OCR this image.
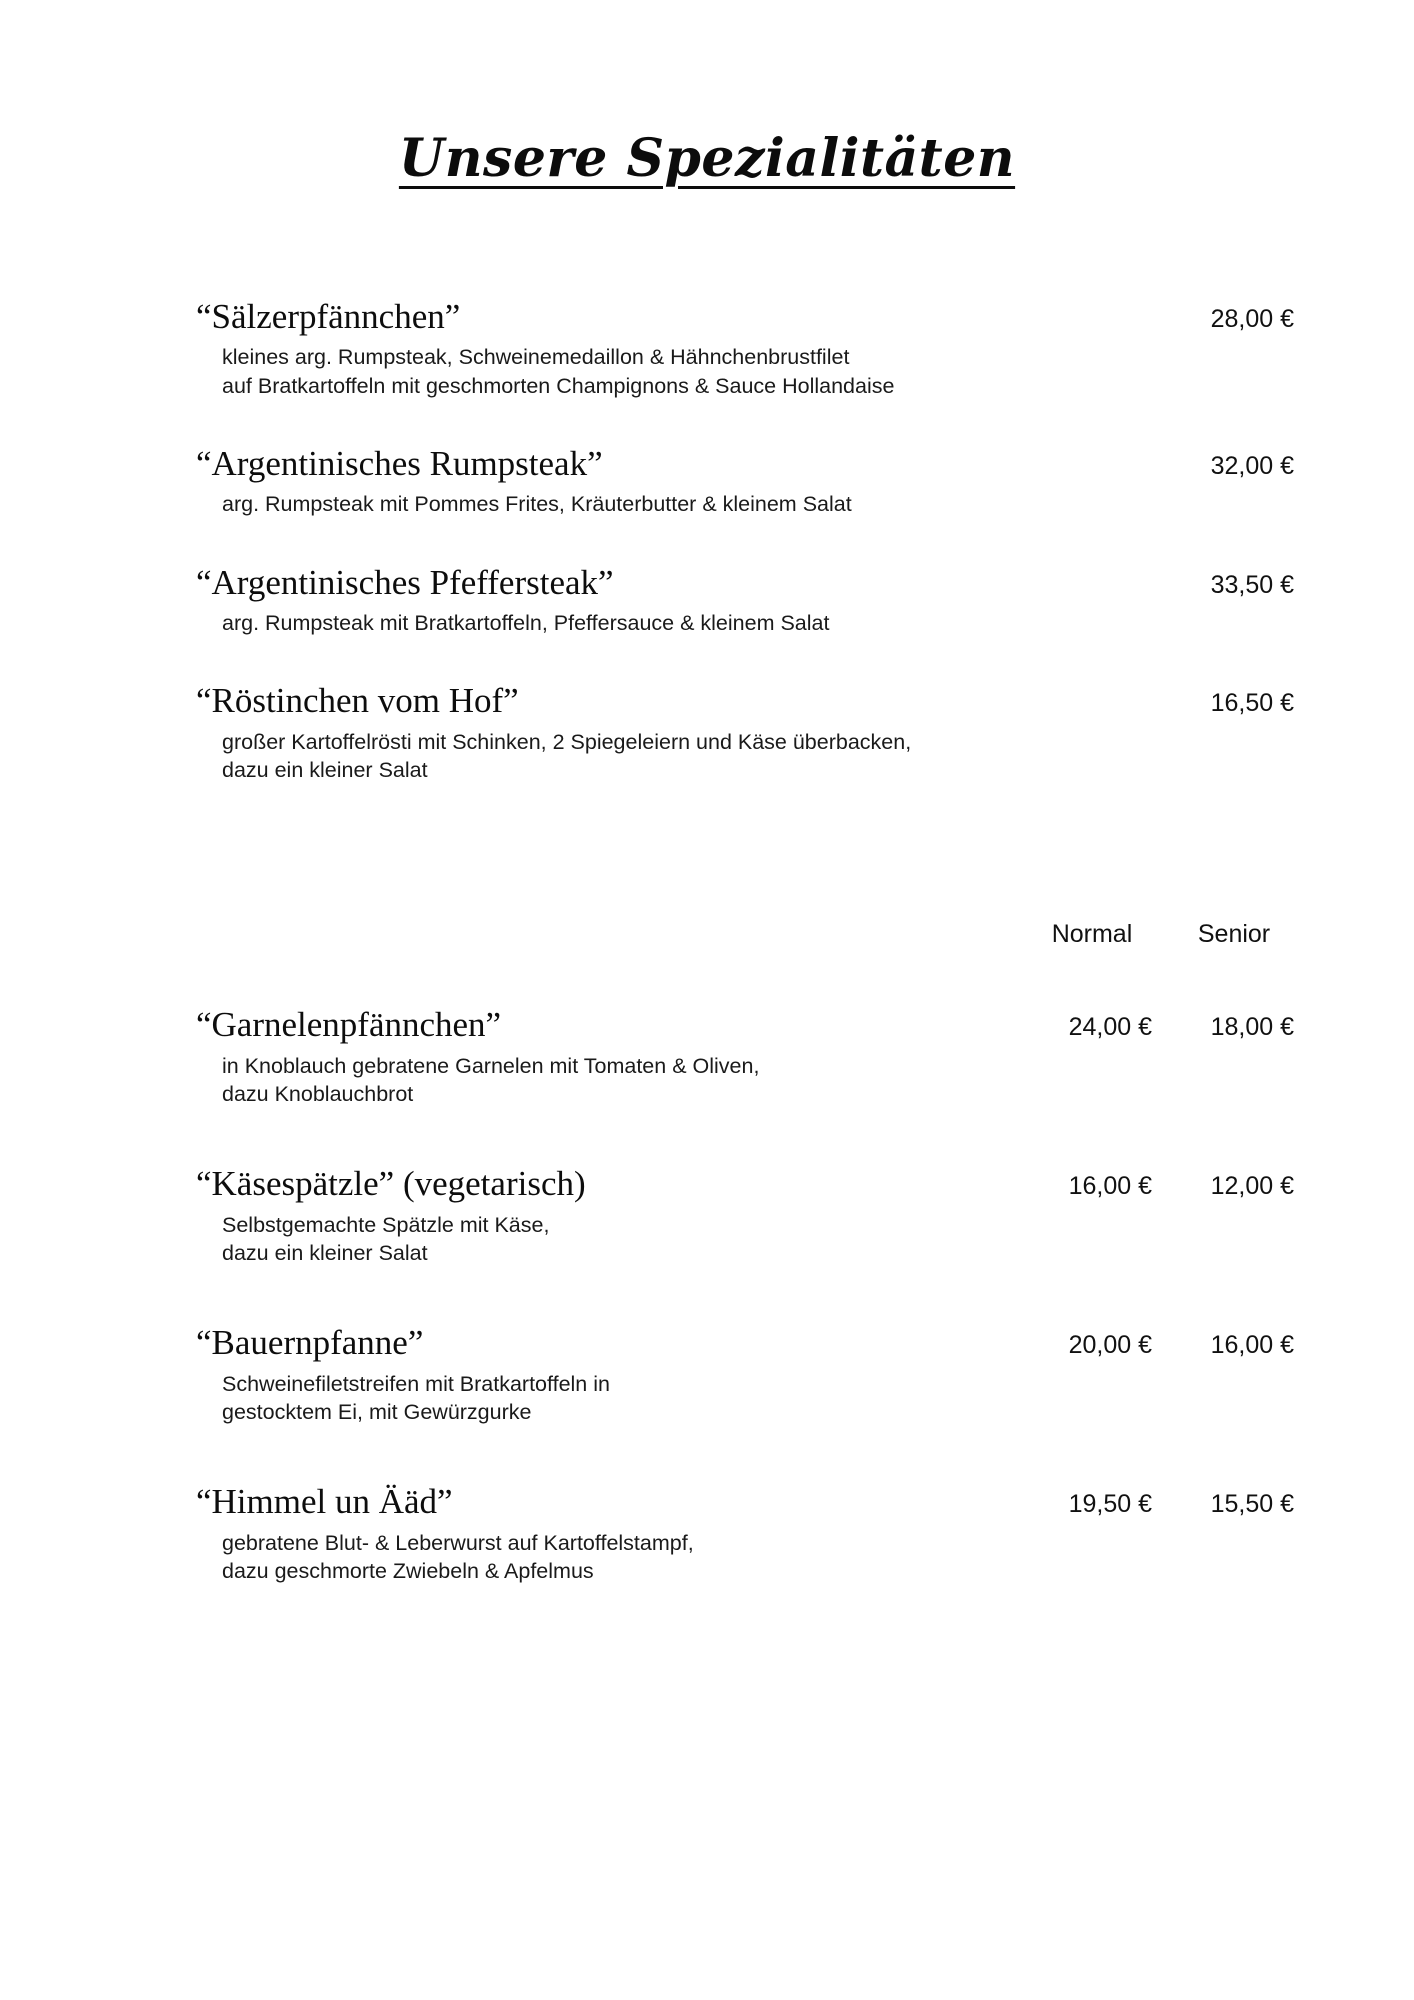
Unsere Spezialitäten
“Sälzerpfännchen”	28,00 €
kleines arg. Rumpsteak, Schweinemedaillon & Hähnchenbrustfilet
auf Bratkartoffeln mit geschmorten Champignons & Sauce Hollandaise
“Argentinisches Rumpsteak”	32,00 €
arg. Rumpsteak mit Pommes Frites, Kräuterbutter & kleinem Salat
“Argentinisches Pfeffersteak”	33,50 €
arg. Rumpsteak mit Bratkartoffeln, Pfeffersauce & kleinem Salat
“Röstinchen vom Hof”	16,50 €
großer Kartoffelrösti mit Schinken, 2 Spiegeleiern und Käse überbacken,
dazu ein kleiner Salat
Normal	Senior
“Garnelenpfännchen”	24,00 €	18,00 €
in Knoblauch gebratene Garnelen mit Tomaten & Oliven,
dazu Knoblauchbrot
“Käsespätzle” (vegetarisch)	16,00 €	12,00 €
Selbstgemachte Spätzle mit Käse,
dazu ein kleiner Salat
“Bauernpfanne”	20,00 €	16,00 €
Schweinefiletstreifen mit Bratkartoffeln in
gestocktem Ei, mit Gewürzgurke
“Himmel un Ääd”	19,50 €	15,50 €
gebratene Blut- & Leberwurst auf Kartoffelstampf,
dazu geschmorte Zwiebeln & Apfelmus
